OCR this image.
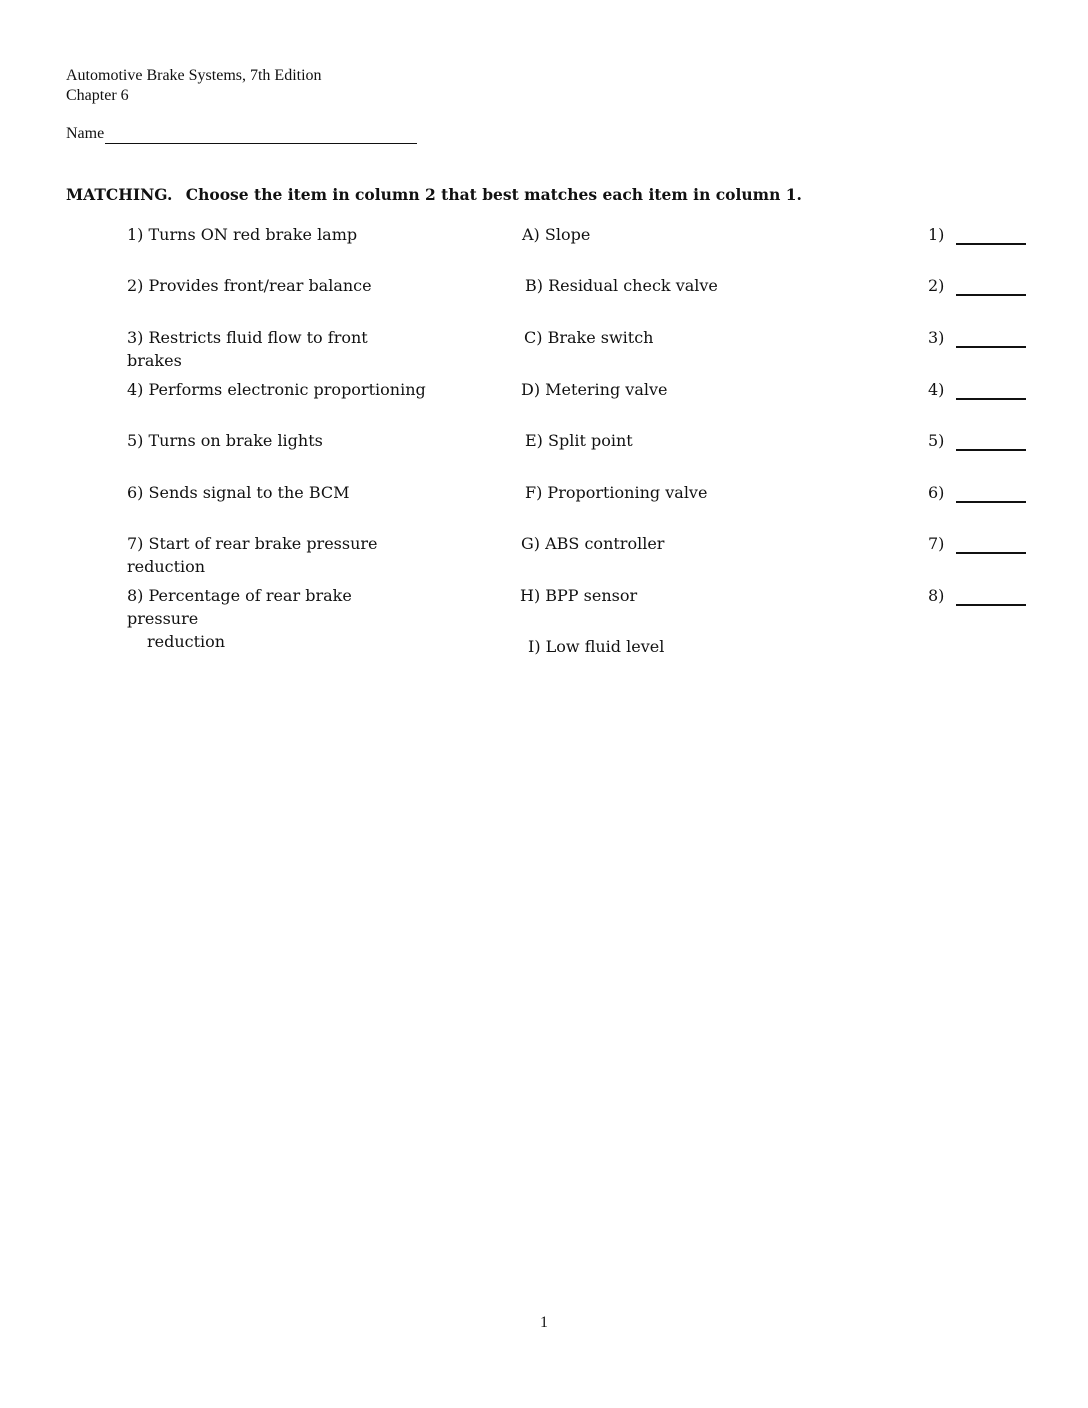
Automotive Brake Systems, 7th Edition
Chapter 6
Name
MATCHING. Choose the item in column 2 that best matches each item in column 1.
1) Turns ON red brake lamp
2) Provides front/rear balance
3) Restricts fluid flow to front brakes
4) Performs electronic proportioning
5) Turns on brake lights
6) Sends signal to the BCM
7) Start of rear brake pressure reduction
8) Percentage of rear brake pressure
reduction
A) Slope
B) Residual check valve
C) Brake switch
D) Metering valve
E) Split point
F) Proportioning valve
G) ABS controller
H) BPP sensor
I) Low fluid level
1)
2)
3)
4)
5)
6)
7)
8)
1
